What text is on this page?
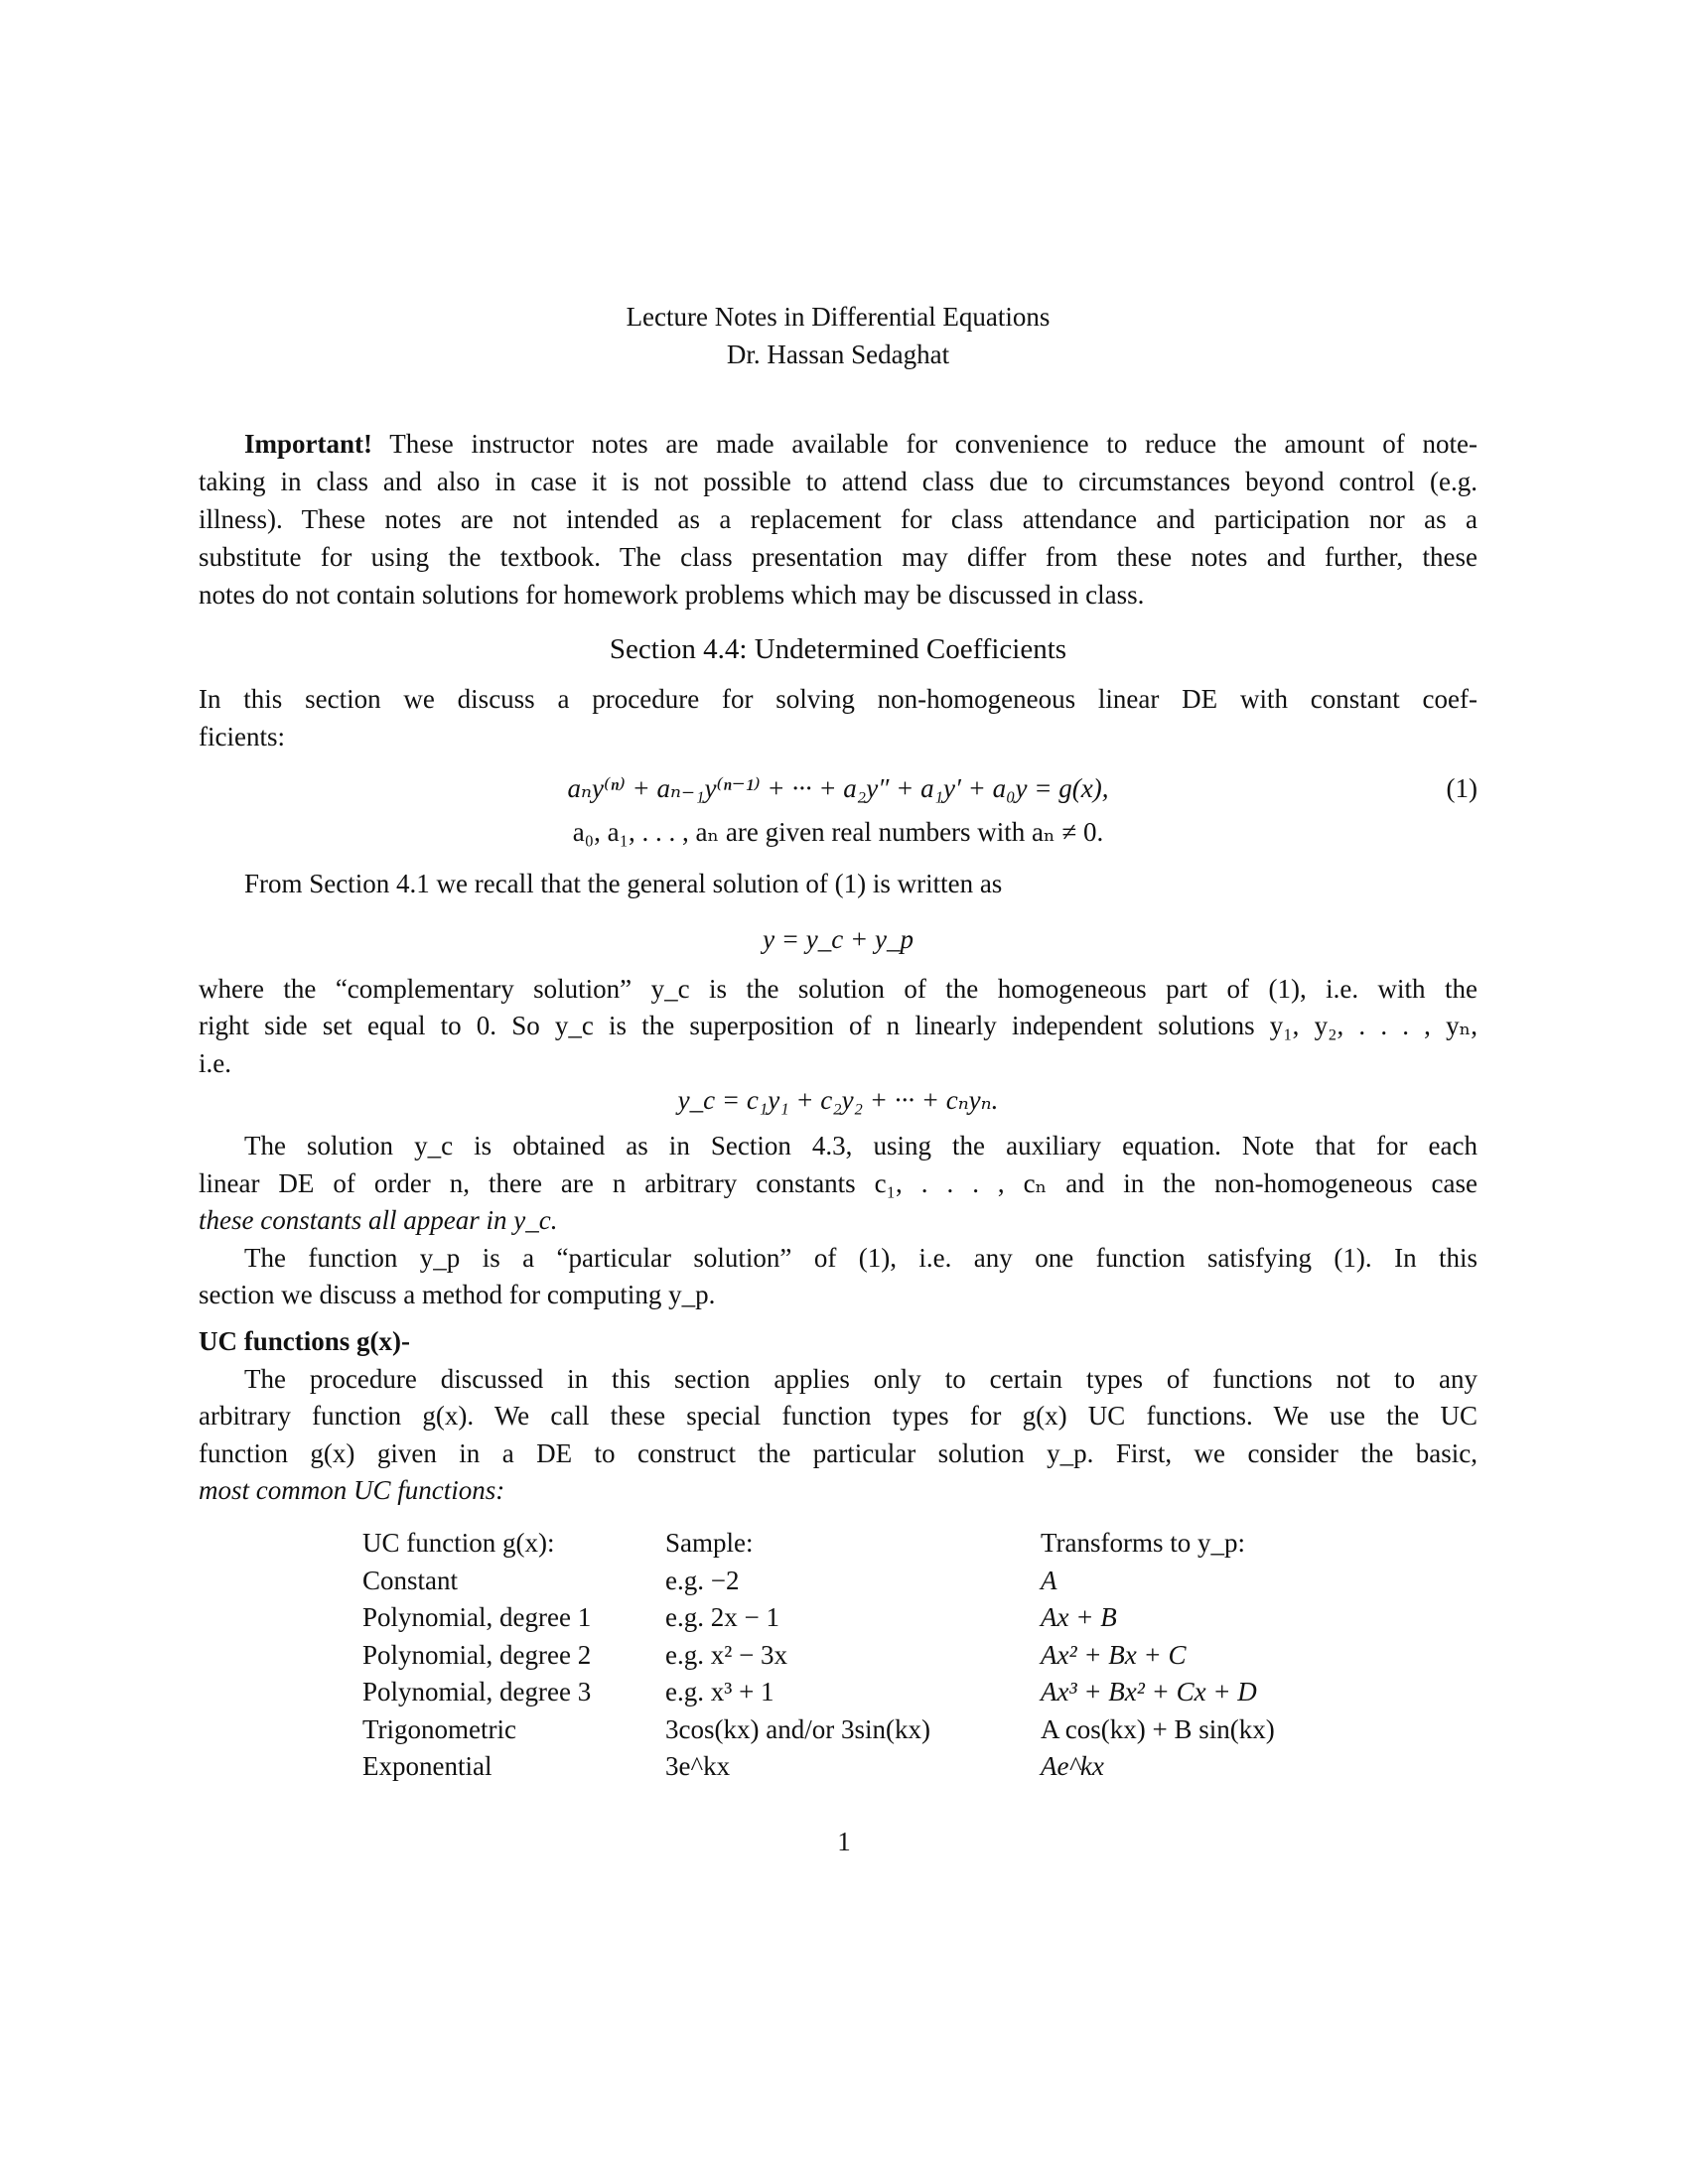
Lecture Notes in Differential Equations
Dr. Hassan Sedaghat
Important! These instructor notes are made available for convenience to reduce the amount of note-
taking in class and also in case it is not possible to attend class due to circumstances beyond control (e.g.
illness). These notes are not intended as a replacement for class attendance and participation nor as a
substitute for using the textbook. The class presentation may differ from these notes and further, these
notes do not contain solutions for homework problems which may be discussed in class.
Section 4.4: Undetermined Coefficients
In this section we discuss a procedure for solving non-homogeneous linear DE with constant coef-
ficients:
aₙy⁽ⁿ⁾ + aₙ₋₁y⁽ⁿ⁻¹⁾ + ··· + a₂y″ + a₁y′ + a₀y = g(x),	(1)
a₀, a₁, . . . , aₙ are given real numbers with aₙ ≠ 0.
From Section 4.1 we recall that the general solution of (1) is written as
y = y_c + y_p
where the “complementary solution” y_c is the solution of the homogeneous part of (1), i.e. with the
right side set equal to 0. So y_c is the superposition of n linearly independent solutions y₁, y₂, . . . , yₙ,
i.e.
y_c = c₁y₁ + c₂y₂ + ··· + cₙyₙ.
The solution y_c is obtained as in Section 4.3, using the auxiliary equation. Note that for each
linear DE of order n, there are n arbitrary constants c₁, . . . , cₙ and in the non-homogeneous case
these constants all appear in y_c.
The function y_p is a “particular solution” of (1), i.e. any one function satisfying (1). In this
section we discuss a method for computing y_p.
UC functions g(x)-
The procedure discussed in this section applies only to certain types of functions not to any
arbitrary function g(x). We call these special function types for g(x) UC functions. We use the UC
function g(x) given in a DE to construct the particular solution y_p. First, we consider the basic,
most common UC functions:
UC function g(x):	Sample:	Transforms to y_p:
Constant	e.g. −2	A
Polynomial, degree 1	e.g. 2x − 1	Ax + B
Polynomial, degree 2	e.g. x² − 3x	Ax² + Bx + C
Polynomial, degree 3	e.g. x³ + 1	Ax³ + Bx² + Cx + D
Trigonometric	3cos(kx) and/or 3sin(kx)	A cos(kx) + B sin(kx)
Exponential	3e^kx	Ae^kx
1
